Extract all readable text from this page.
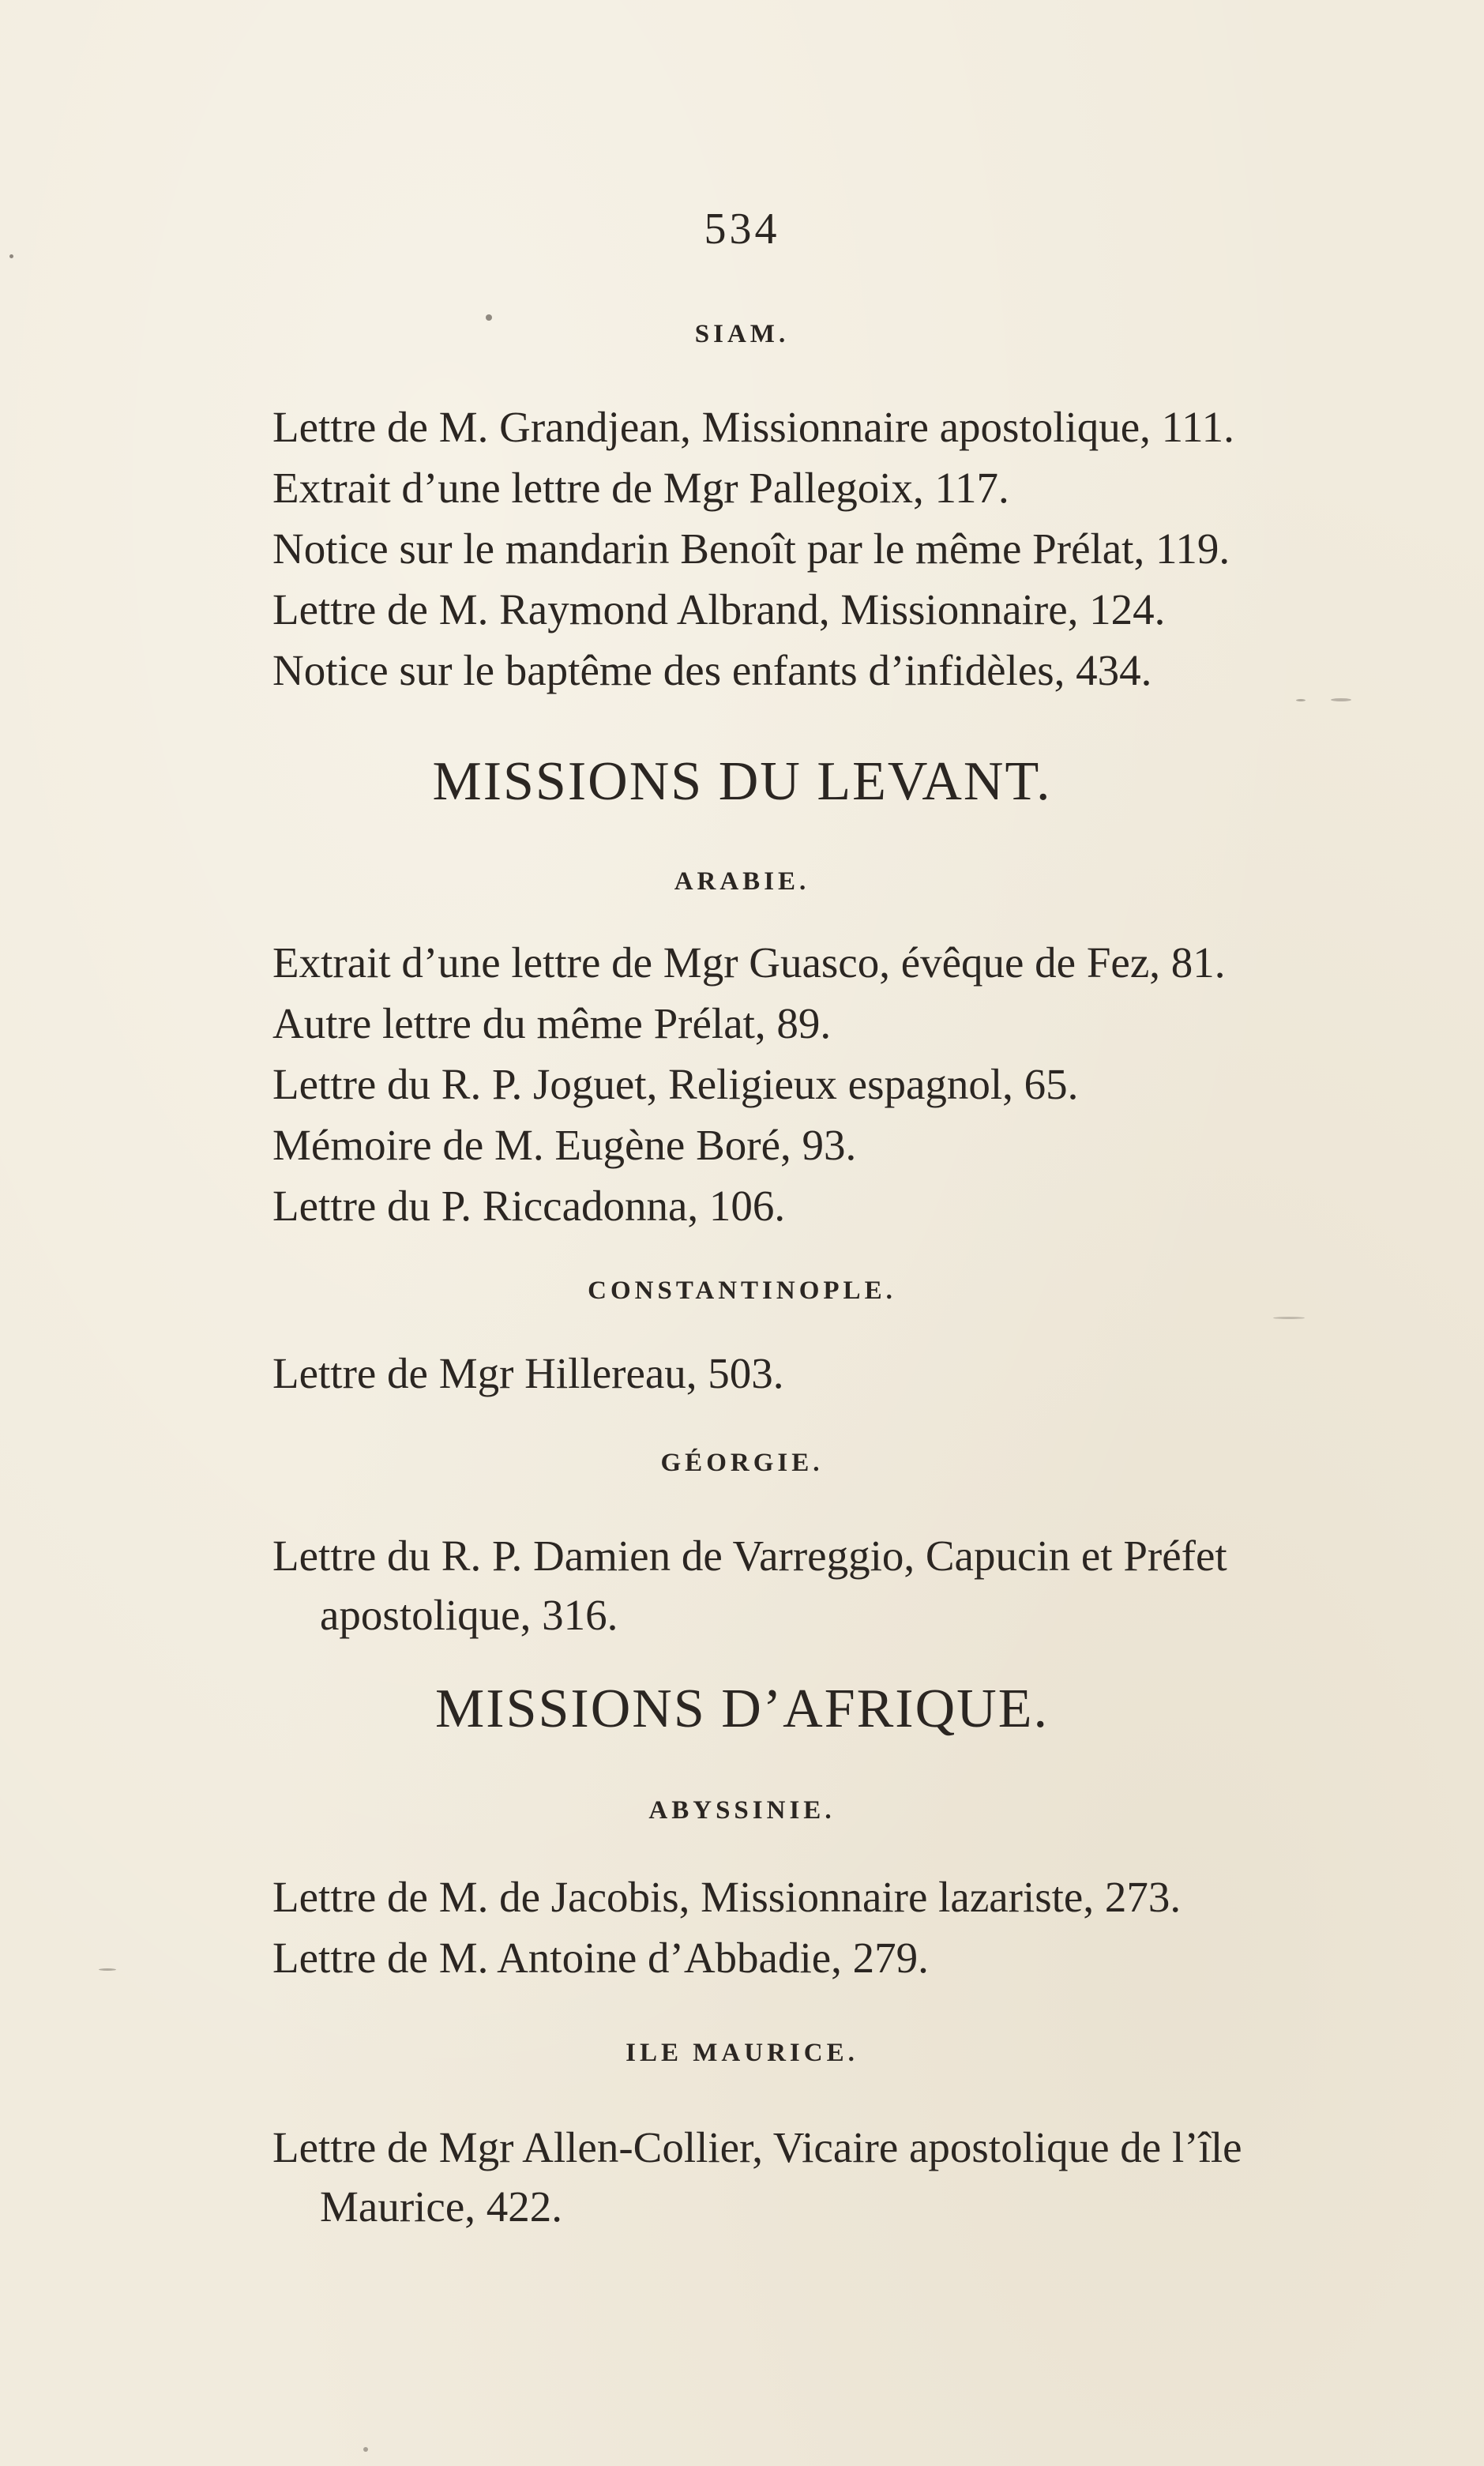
534
SIAM.
Lettre de M. Grandjean, Missionnaire apostolique, 111.
Extrait d’une lettre de Mgr Pallegoix, 117.
Notice sur le mandarin Benoît par le même Prélat, 119.
Lettre de M. Raymond Albrand, Missionnaire, 124.
Notice sur le baptême des enfants d’infidèles, 434.
MISSIONS DU LEVANT.
ARABIE.
Extrait d’une lettre de Mgr Guasco, évêque de Fez, 81.
Autre lettre du même Prélat, 89.
Lettre du R. P. Joguet, Religieux espagnol, 65.
Mémoire de M. Eugène Boré, 93.
Lettre du P. Riccadonna, 106.
CONSTANTINOPLE.
Lettre de Mgr Hillereau, 503.
GÉORGIE.
Lettre du R. P. Damien de Varreggio, Capucin et Préfet
apostolique, 316.
MISSIONS D’AFRIQUE.
ABYSSINIE.
Lettre de M. de Jacobis, Missionnaire lazariste, 273.
Lettre de M. Antoine d’Abbadie, 279.
ILE MAURICE.
Lettre de Mgr Allen-Collier, Vicaire apostolique de l’île
Maurice, 422.
